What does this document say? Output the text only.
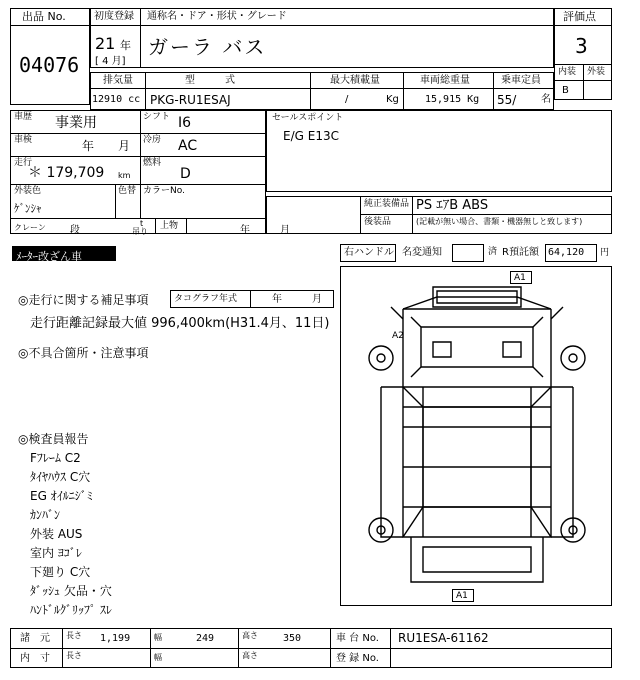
出品 No.
04076
初度登録 通称名・ドア・形状・グレード
21 年
[ 4 月]
ガーラ バス
評価点
3
内装 外装
B
排気量	型　　　式	最大積載量	車両総重量	乗車定員
12910 cc PKG-RU1ESAJ	/	Kg	15,915 Kg 55/ 名
車歴 事業用	シフト I6
車検	年　　月 冷房 AC
走行
＊ 179,709 km
燃料
D
外装色	色替 カラーNo.
ｹﾞﾝｼｬ
クレーン 段
t
吊り
上物	年　　　月
セールスポイント
E/G E13C
純正装備品 PS ｴｱB ABS
後装品	(記載が無い場合、書類・機器無しと致します)
ﾒｰﾀｰ改ざん車	右ハンドル 名変通知	済 R預託額 64,120 円
◎走行に関する補足事項	タコグラフ年式	年　　　月
走行距離記録最大値 996,400km(H31.4月、11日)
◎不具合箇所・注意事項
◎検査員報告
A1
A2
A1
諸　元 長さ 1,199	幅	249	高さ	350	車 台 No. RU1ESA-61162
内　寸 長さ	幅	高さ	登 録 No.
Fﾌﾚｰﾑ C2
ﾀｲﾔﾊｳｽ C穴
EG ｵｲﾙﾆｼﾞﾐ
ｶﾝﾊﾞﾝ
外装 AUS
室内 ﾖｺﾞﾚ
下廻り C穴
ﾀﾞｯｼｭ 欠品・穴
ﾊﾝﾄﾞﾙｸﾞﾘｯﾌﾟ ｽﾚ
